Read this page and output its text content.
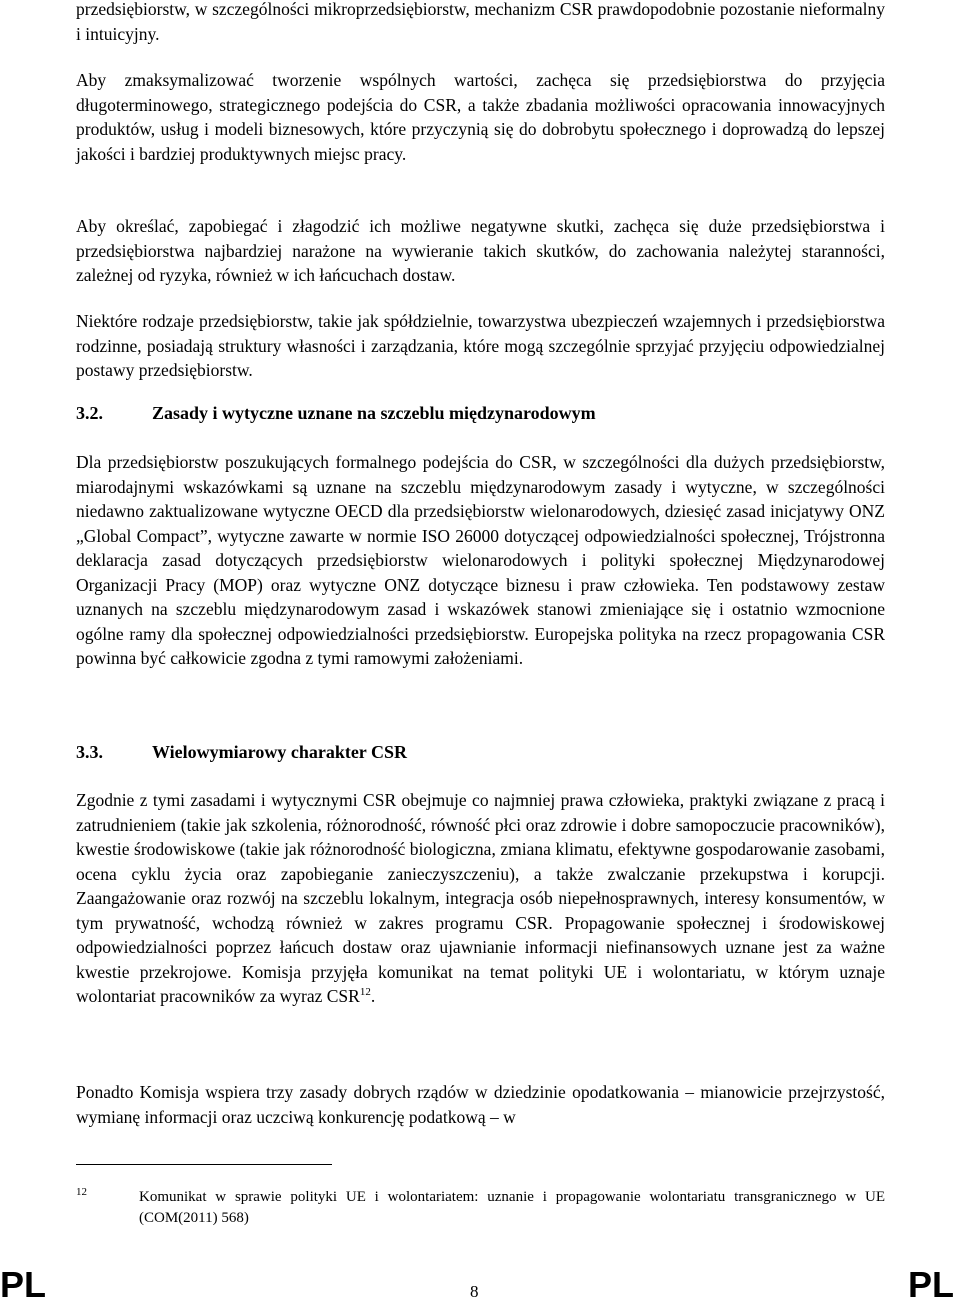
przedsiębiorstw, w szczególności mikroprzedsiębiorstw, mechanizm CSR prawdopodobnie pozostanie nieformalny i intuicyjny.

Aby zmaksymalizować tworzenie wspólnych wartości, zachęca się przedsiębiorstwa do przyjęcia długoterminowego, strategicznego podejścia do CSR, a także zbadania możliwości opracowania innowacyjnych produktów, usług i modeli biznesowych, które przyczynią się do dobrobytu społecznego i doprowadzą do lepszej jakości i bardziej produktywnych miejsc pracy.

Aby określać, zapobiegać i złagodzić ich możliwe negatywne skutki, zachęca się duże przedsiębiorstwa i przedsiębiorstwa najbardziej narażone na wywieranie takich skutków, do zachowania należytej staranności, zależnej od ryzyka, również w ich łańcuchach dostaw.

Niektóre rodzaje przedsiębiorstw, takie jak spółdzielnie, towarzystwa ubezpieczeń wzajemnych i przedsiębiorstwa rodzinne, posiadają struktury własności i zarządzania, które mogą szczególnie sprzyjać przyjęciu odpowiedzialnej postawy przedsiębiorstw.

3.2.	Zasady i wytyczne uznane na szczeblu międzynarodowym

Dla przedsiębiorstw poszukujących formalnego podejścia do CSR, w szczególności dla dużych przedsiębiorstw, miarodajnymi wskazówkami są uznane na szczeblu międzynarodowym zasady i wytyczne, w szczególności niedawno zaktualizowane wytyczne OECD dla przedsiębiorstw wielonarodowych, dziesięć zasad inicjatywy ONZ „Global Compact”, wytyczne zawarte w normie ISO 26000 dotyczącej odpowiedzialności społecznej, Trójstronna deklaracja zasad dotyczących przedsiębiorstw wielonarodowych i polityki społecznej Międzynarodowej Organizacji Pracy (MOP) oraz wytyczne ONZ dotyczące biznesu i praw człowieka. Ten podstawowy zestaw uznanych na szczeblu międzynarodowym zasad i wskazówek stanowi zmieniające się i ostatnio wzmocnione ogólne ramy dla społecznej odpowiedzialności przedsiębiorstw. Europejska polityka na rzecz propagowania CSR powinna być całkowicie zgodna z tymi ramowymi założeniami.

3.3.	Wielowymiarowy charakter CSR

Zgodnie z tymi zasadami i wytycznymi CSR obejmuje co najmniej prawa człowieka, praktyki związane z pracą i zatrudnieniem (takie jak szkolenia, różnorodność, równość płci oraz zdrowie i dobre samopoczucie pracowników), kwestie środowiskowe (takie jak różnorodność biologiczna, zmiana klimatu, efektywne gospodarowanie zasobami, ocena cyklu życia oraz zapobieganie zanieczyszczeniu), a także zwalczanie przekupstwa i korupcji. Zaangażowanie oraz rozwój na szczeblu lokalnym, integracja osób niepełnosprawnych, interesy konsumentów, w tym prywatność, wchodzą również w zakres programu CSR. Propagowanie społecznej i środowiskowej odpowiedzialności poprzez łańcuch dostaw oraz ujawnianie informacji niefinansowych uznane jest za ważne kwestie przekrojowe. Komisja przyjęła komunikat na temat polityki UE i wolontariatu, w którym uznaje wolontariat pracowników za wyraz CSR$^{12}$.

Ponadto Komisja wspiera trzy zasady dobrych rządów w dziedzinie opodatkowania – mianowicie przejrzystość, wymianę informacji oraz uczciwą konkurencję podatkową – w

12	Komunikat w sprawie polityki UE i wolontariatem: uznanie i propagowanie wolontariatu transgranicznego w UE (COM(2011) 568)
PL	8	PL
